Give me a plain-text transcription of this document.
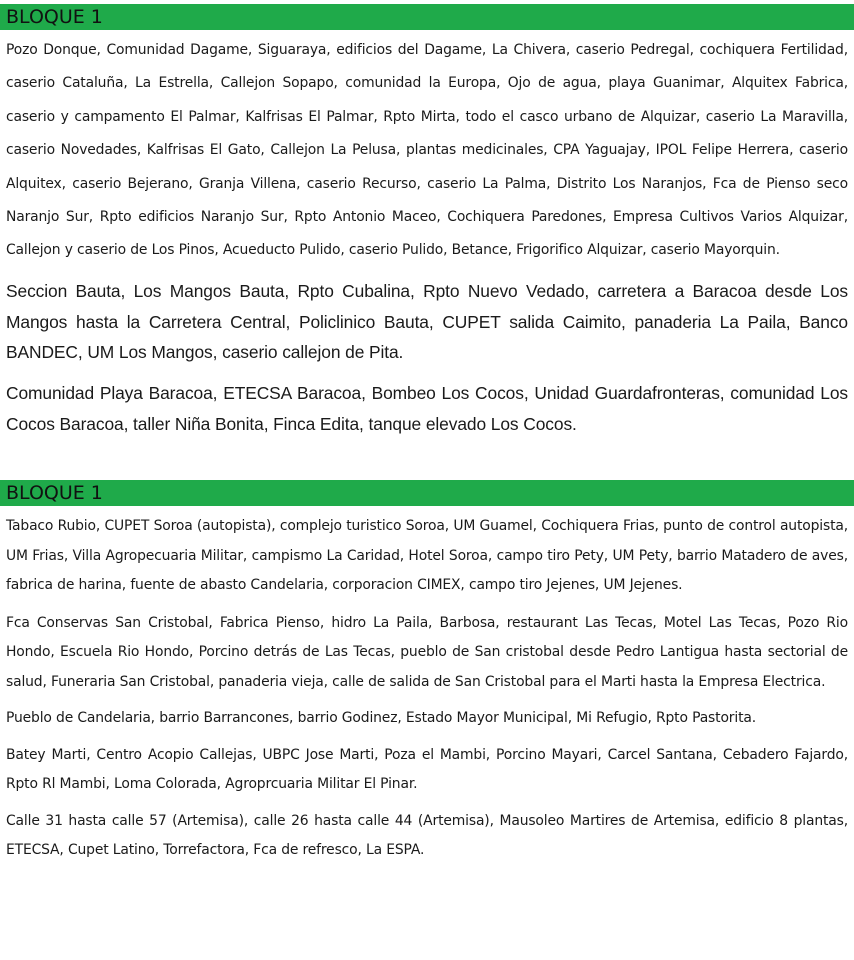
BLOQUE 1

Pozo Donque, Comunidad Dagame, Siguaraya, edificios del Dagame, La Chivera, caserio Pedregal, cochiquera Fertilidad, caserio Cataluña, La Estrella, Callejon Sopapo, comunidad la Europa, Ojo de agua, playa Guanimar, Alquitex Fabrica, caserio y campamento El Palmar, Kalfrisas El Palmar, Rpto Mirta, todo el casco urbano de Alquizar, caserio La Maravilla, caserio Novedades, Kalfrisas El Gato, Callejon La Pelusa, plantas medicinales, CPA Yaguajay, IPOL Felipe Herrera, caserio Alquitex, caserio Bejerano, Granja Villena, caserio Recurso, caserio La Palma, Distrito Los Naranjos, Fca de Pienso seco Naranjo Sur, Rpto edificios Naranjo Sur, Rpto Antonio Maceo, Cochiquera Paredones, Empresa Cultivos Varios Alquizar, Callejon y caserio de Los Pinos, Acueducto Pulido, caserio Pulido, Betance, Frigorifico Alquizar, caserio Mayorquin.

Seccion Bauta, Los Mangos Bauta, Rpto Cubalina, Rpto Nuevo Vedado, carretera a Baracoa desde Los Mangos hasta la Carretera Central, Policlinico Bauta, CUPET salida Caimito, panaderia La Paila, Banco BANDEC, UM Los Mangos, caserio callejon de Pita.

Comunidad Playa Baracoa, ETECSA Baracoa, Bombeo Los Cocos, Unidad Guardafronteras, comunidad Los Cocos Baracoa, taller Niña Bonita, Finca Edita, tanque elevado Los Cocos.

BLOQUE 1

Tabaco Rubio, CUPET Soroa (autopista), complejo turistico Soroa, UM Guamel, Cochiquera Frias, punto de control autopista, UM Frias, Villa Agropecuaria Militar, campismo La Caridad, Hotel Soroa, campo tiro Pety, UM Pety, barrio Matadero de aves, fabrica de harina, fuente de abasto Candelaria, corporacion CIMEX, campo tiro Jejenes, UM Jejenes.

Fca Conservas San Cristobal, Fabrica Pienso, hidro La Paila, Barbosa, restaurant Las Tecas, Motel Las Tecas, Pozo Rio Hondo, Escuela Rio Hondo, Porcino detrás de Las Tecas, pueblo de San cristobal desde Pedro Lantigua hasta sectorial de salud, Funeraria San Cristobal, panaderia vieja, calle de salida de San Cristobal para el Marti hasta la Empresa Electrica.

Pueblo de Candelaria, barrio Barrancones, barrio Godinez, Estado Mayor Municipal, Mi Refugio, Rpto Pastorita.

Batey Marti, Centro Acopio Callejas, UBPC Jose Marti, Poza el Mambi, Porcino Mayari, Carcel Santana, Cebadero Fajardo, Rpto Rl Mambi, Loma Colorada, Agroprcuaria Militar El Pinar.

Calle 31 hasta calle 57 (Artemisa), calle 26 hasta calle 44 (Artemisa), Mausoleo Martires de Artemisa, edificio 8 plantas, ETECSA, Cupet Latino, Torrefactora, Fca de refresco, La ESPA.
